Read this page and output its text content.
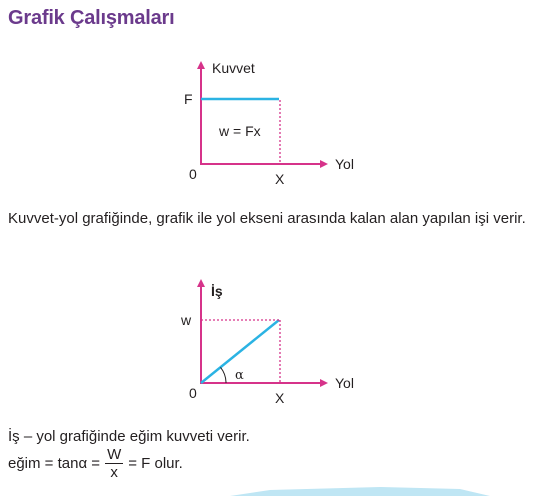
Grafik Çalışmaları
Kuvvet
Yol
F
X
0
w = Fx
Kuvvet-yol grafiğinde, grafik ile yol ekseni arasında kalan alan yapılan işi verir.
İş
Yol
w
X
0
α
İş – yol grafiğinde eğim kuvveti verir.
eğim = $\tan\alpha = \frac{W}{x} = F$ olur.
